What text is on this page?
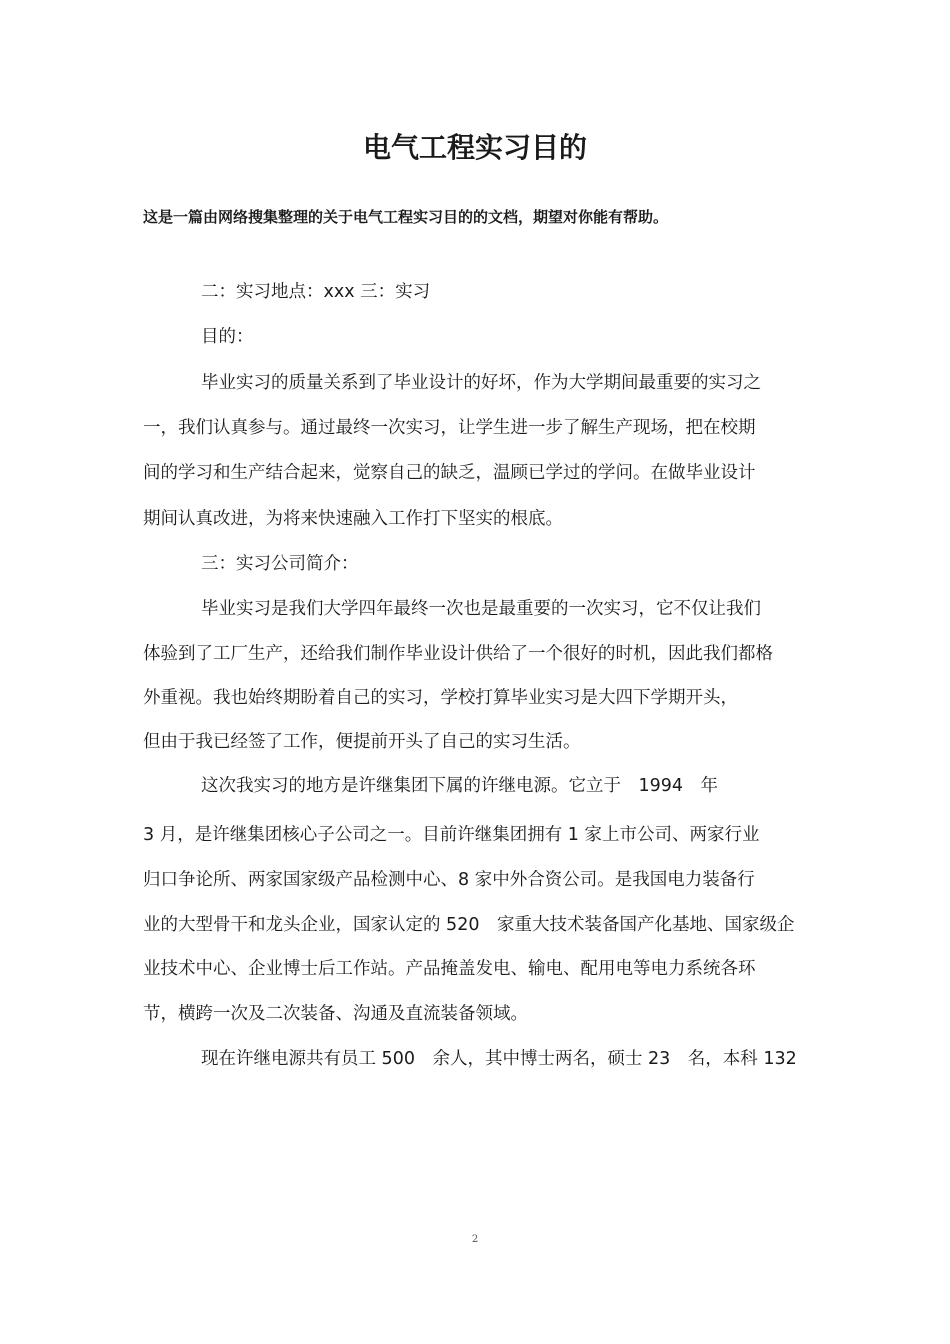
电气工程实习目的
这是一篇由网络搜集整理的关于电气工程实习目的的文档，期望对你能有帮助。
二：实习地点：xxx 三：实习
目的：
毕业实习的质量关系到了毕业设计的好坏，作为大学期间最重要的实习之
一，我们认真参与。通过最终一次实习，让学生进一步了解生产现场，把在校期
间的学习和生产结合起来，觉察自己的缺乏，温顾已学过的学问。在做毕业设计
期间认真改进，为将来快速融入工作打下坚实的根底。
三：实习公司简介：
毕业实习是我们大学四年最终一次也是最重要的一次实习，它不仅让我们
体验到了工厂生产，还给我们制作毕业设计供给了一个很好的时机，因此我们都格
外重视。我也始终期盼着自己的实习，学校打算毕业实习是大四下学期开头，
但由于我已经签了工作，便提前开头了自己的实习生活。
这次我实习的地方是许继集团下属的许继电源。它立于　1994　年
3 月，是许继集团核心子公司之一。目前许继集团拥有 1 家上市公司、两家行业
归口争论所、两家国家级产品检测中心、8 家中外合资公司。是我国电力装备行
业的大型骨干和龙头企业，国家认定的 520　家重大技术装备国产化基地、国家级企
业技术中心、企业博士后工作站。产品掩盖发电、输电、配用电等电力系统各环
节，横跨一次及二次装备、沟通及直流装备领域。
现在许继电源共有员工 500　余人，其中博士两名，硕士 23　名，本科 132
2
